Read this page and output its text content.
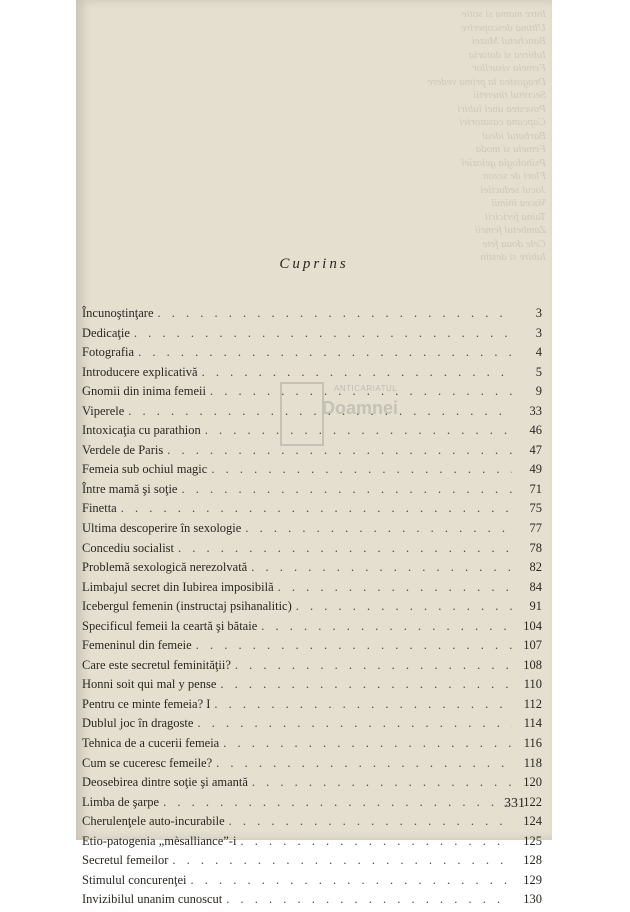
Intre mama si sotie
Ultima descoperire
Banchetul Muzei
Iubirea si datoria
Femeia visurilor
Dragostea la prima vedere
Secretul tineretii
Povestea unei iubiri
Capcana casatoriei
Barbatul ideal
Femeia si moda
Psihologia geloziei
Flori de sezon
Jocul seductiei
Vocea inimii
Taina fericirii
Zambetul femeii
Cele doua fete
Iubire si destin
Cuprins
Încunoştinţare . . .	3
Dedicaţie . . .	3
Fotografia . . .	4
Introducere explicativă . . .	5
Gnomii din inima femeii . . .	9
Viperele . . .	33
Intoxicaţia cu parathion . . .	46
Verdele de Paris . . .	47
Femeia sub ochiul magic . . .	49
Între mamă şi soţie . . .	71
Finetta . . .	75
Ultima descoperire în sexologie . . .	77
Concediu socialist . . .	78
Problemă sexologică nerezolvată . . .	82
Limbajul secret din Iubirea imposibilă . . .	84
Icebergul femenin (instructaj psihanalitic) . . .	91
Specificul femeii la ceartă şi bătaie . . .	104
Femeninul din femeie . . .	107
Care este secretul feminităţii? . . .	108
Honni soit qui mal y pense . . .	110
Pentru ce minte femeia? I . . .	112
Dublul joc în dragoste . . .	114
Tehnica de a cucerii femeia . . .	116
Cum se cuceresc femeile? . . .	118
Deosebirea dintre soţie şi amantă . . .	120
Limba de şarpe . . .	122
Cherulenţele auto-incurabile . . .	124
Etio-patogenia „mèsalliance”-i . . .	125
Secretul femeilor . . .	128
Stimulul concurenţei . . .	129
Invizibilul unanim cunoscut . . .	130
ANTICARIATUL
Doamnei
331
